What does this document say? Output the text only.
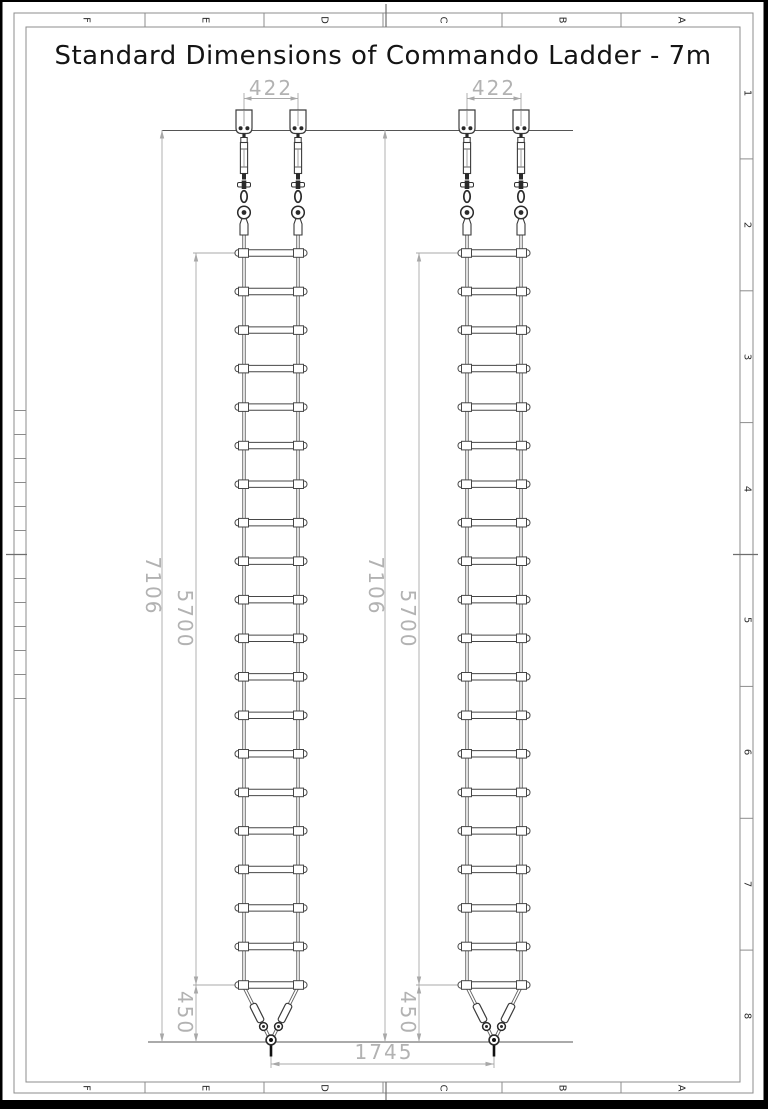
Standard Dimensions of Commando Ladder - 7m
422	422
7106	7106
5700	5700
450	450
1745
F	E	D	C	B	A
F	E	D	C	B	A
1
2
3
4
5
6
7
8
